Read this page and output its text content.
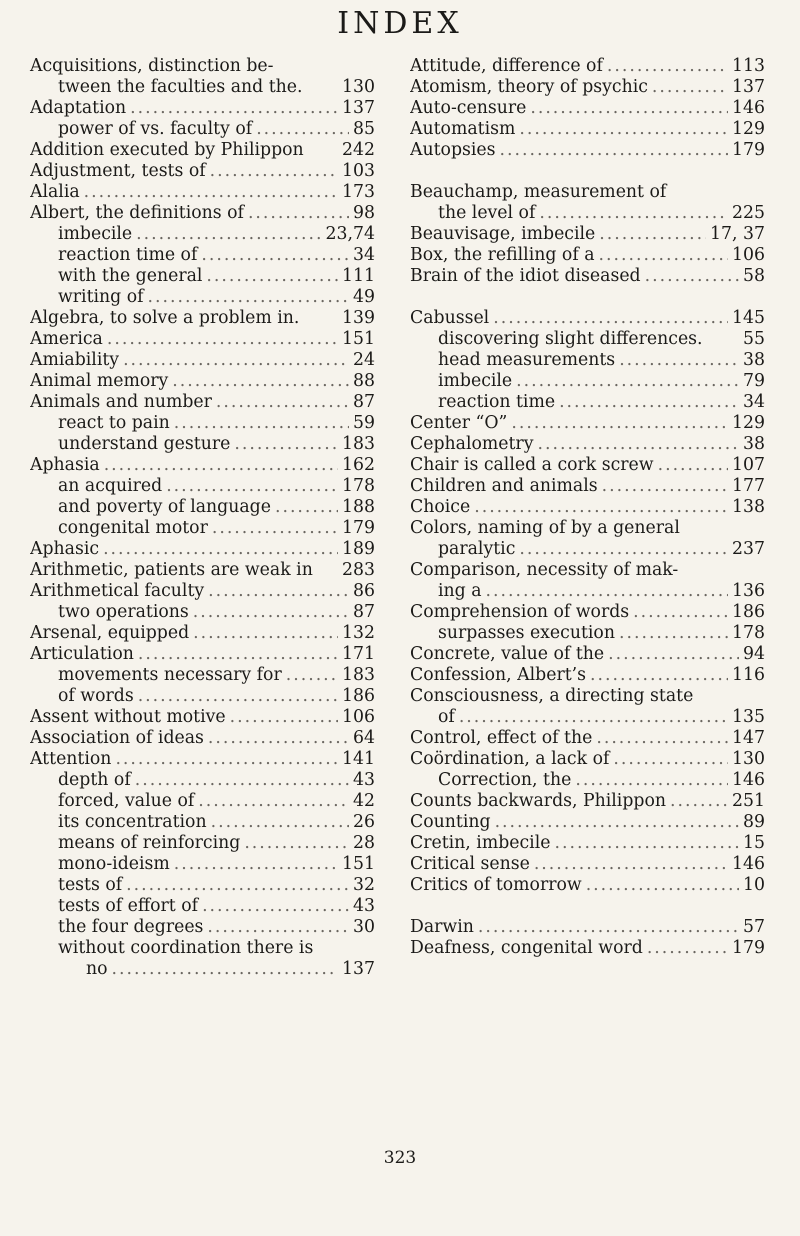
INDEX
Acquisitions, distinction be-
tween the faculties and the. 130
Adaptation .....	137
power of vs. faculty of .....	85
Addition executed by Philippon 242
Adjustment, tests of .....	103
Alalia .....	173
Albert, the definitions of .....	98
imbecile .....	23,74
reaction time of .....	34
with the general .....	111
writing of .....	49
Algebra, to solve a problem in. 139
America .....	151
Amiability .....	24
Animal memory .....	88
Animals and number .....	87
react to pain .....	59
understand gesture .....	183
Aphasia .....	162
an acquired .....	178
and poverty of language .....	188
congenital motor .....	179
Aphasic .....	189
Arithmetic, patients are weak in 283
Arithmetical faculty .....	86
two operations .....	87
Arsenal, equipped .....	132
Articulation .....	171
movements necessary for .....	183
of words .....	186
Assent without motive .....	106
Association of ideas .....	64
Attention .....	141
depth of .....	43
forced, value of .....	42
its concentration .....	26
means of reinforcing .....	28
mono-ideism .....	151
tests of .....	32
tests of effort of .....	43
the four degrees .....	30
without coordination there is
no .....	137
Attitude, difference of .....	113
Atomism, theory of psychic .....	137
Auto-censure .....	146
Automatism .....	129
Autopsies .....	179
Beauchamp, measurement of
the level of .....	225
Beauvisage, imbecile .....	17, 37
Box, the refilling of a .....	106
Brain of the idiot diseased .....	58
Cabussel .....	145
discovering slight differences. 55
head measurements .....	38
imbecile .....	79
reaction time .....	34
Center “O” .....	129
Cephalometry .....	38
Chair is called a cork screw .....	107
Children and animals .....	177
Choice .....	138
Colors, naming of by a general
paralytic .....	237
Comparison, necessity of mak-
ing a .....	136
Comprehension of words .....	186
surpasses execution .....	178
Concrete, value of the .....	94
Confession, Albert’s .....	116
Consciousness, a directing state
of .....	135
Control, effect of the .....	147
Coördination, a lack of .....	130
Correction, the .....	146
Counts backwards, Philippon .....	251
Counting .....	89
Cretin, imbecile .....	15
Critical sense .....	146
Critics of tomorrow .....	10
Darwin .....	57
Deafness, congenital word .....	179
323
